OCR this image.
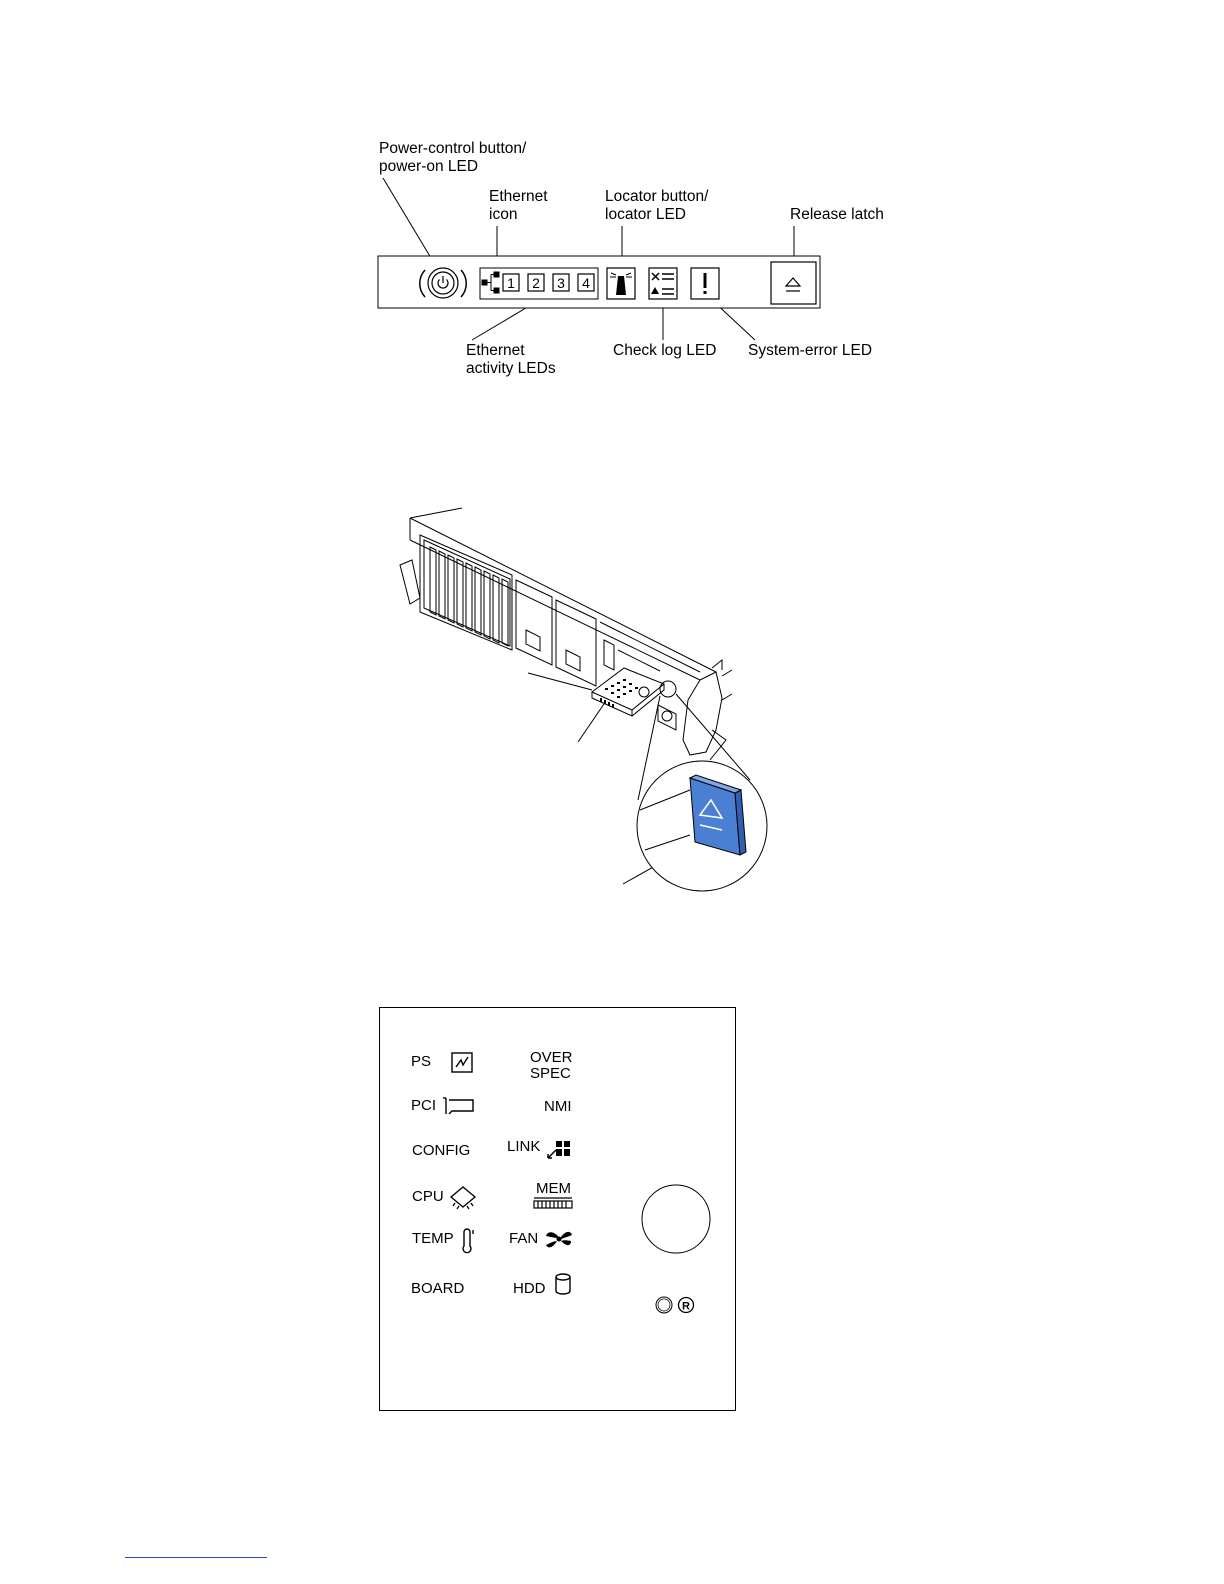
Power-control button/
power-on LED
Ethernet
icon
Locator button/
locator LED	Release latch
Ethernet
activity LEDs
Check log LED System-error LED
1 2 3 4
PS
PCI
CONFIG
CPU
TEMP
BOARD
OVER
SPEC
NMI
LINK
MEM
FAN
HDD
R
